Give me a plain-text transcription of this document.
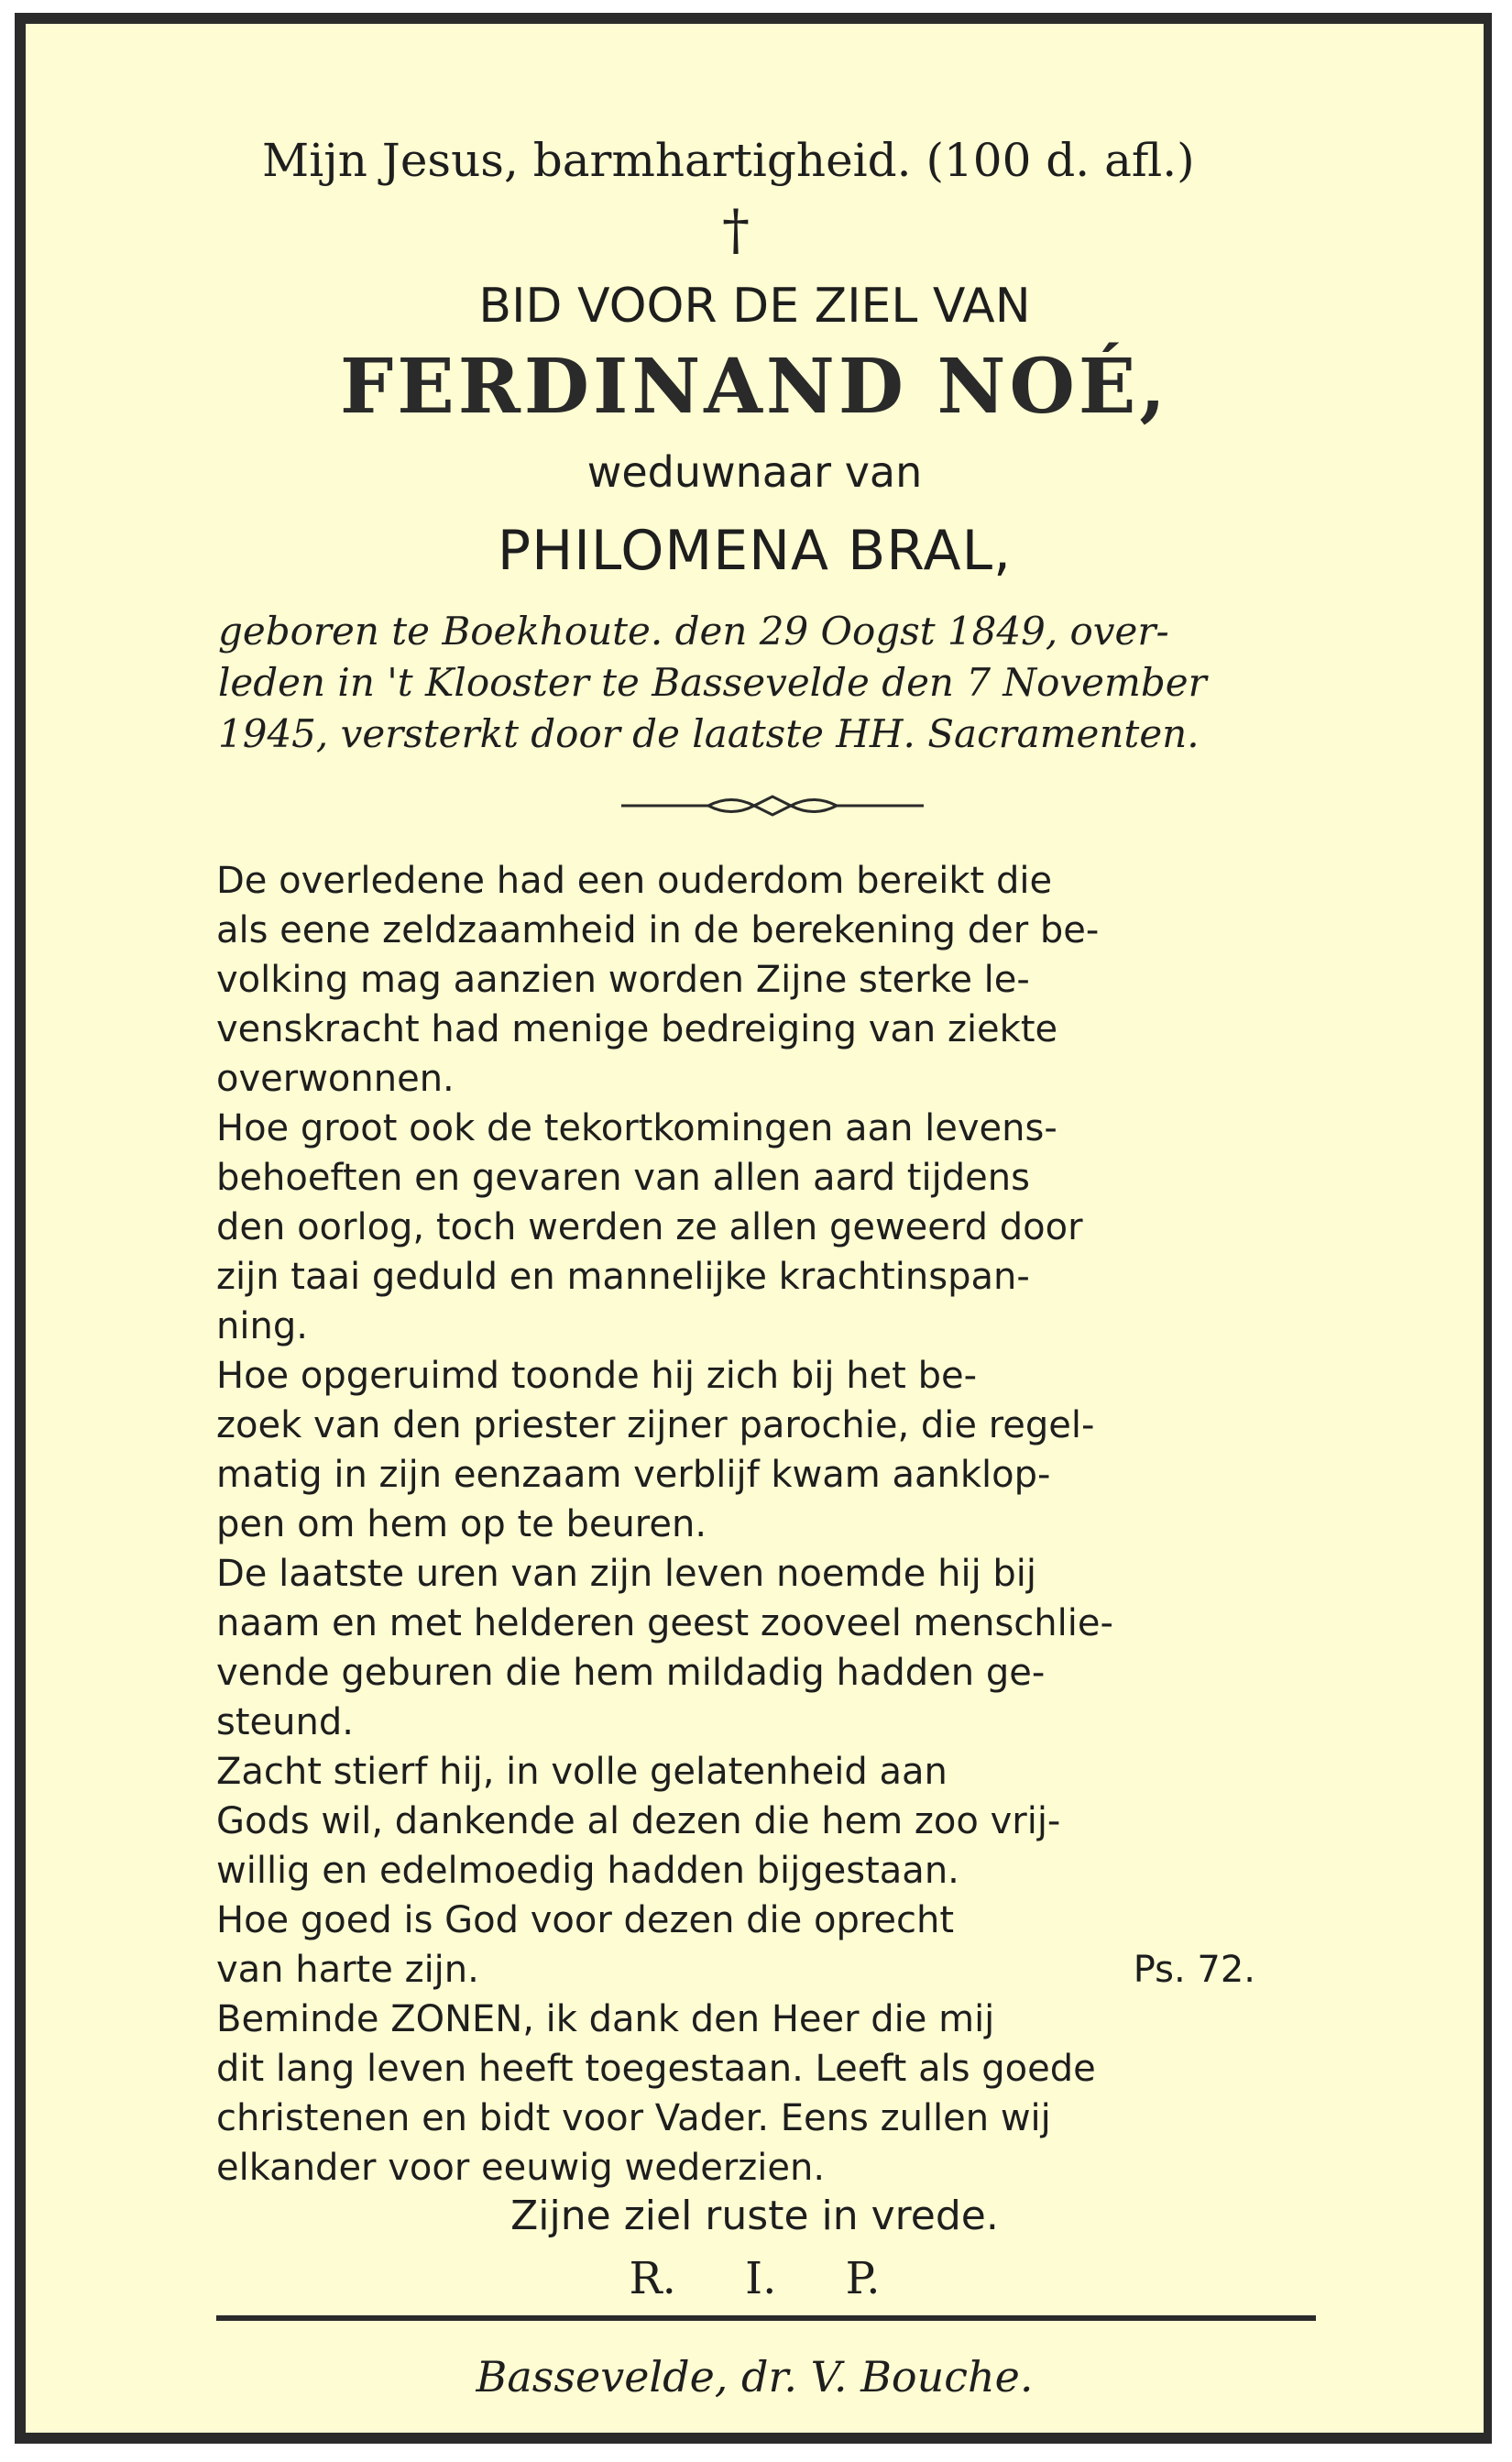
Mijn Jesus, barmhartigheid. (100 d. afl.)
†
BID VOOR DE ZIEL VAN
FERDINAND NOÉ,
weduwnaar van
PHILOMENA BRAL,
geboren te Boekhoute. den 29 Oogst 1849, over-
leden in 't Klooster te Bassevelde den 7 November
1945, versterkt door de laatste HH. Sacramenten.
De overledene had een ouderdom bereikt die
als eene zeldzaamheid in de berekening der be-
volking mag aanzien worden Zijne sterke le-
venskracht had menige bedreiging van ziekte
overwonnen.
Hoe groot ook de tekortkomingen aan levens-
behoeften en gevaren van allen aard tijdens
den oorlog, toch werden ze allen geweerd door
zijn taai geduld en mannelijke krachtinspan-
ning.
Hoe opgeruimd toonde hij zich bij het be-
zoek van den priester zijner parochie, die regel-
matig in zijn eenzaam verblijf kwam aanklop-
pen om hem op te beuren.
De laatste uren van zijn leven noemde hij bij
naam en met helderen geest zooveel menschlie-
vende geburen die hem mildadig hadden ge-
steund.
Zacht stierf hij, in volle gelatenheid aan
Gods wil, dankende al dezen die hem zoo vrij-
willig en edelmoedig hadden bijgestaan.
Hoe goed is God voor dezen die oprecht
van harte zijn.	Ps. 72.
Beminde ZONEN, ik dank den Heer die mij
dit lang leven heeft toegestaan. Leeft als goede
christenen en bidt voor Vader. Eens zullen wij
elkander voor eeuwig wederzien.
Zijne ziel ruste in vrede.
R. I. P.
Bassevelde, dr. V. Bouche.
